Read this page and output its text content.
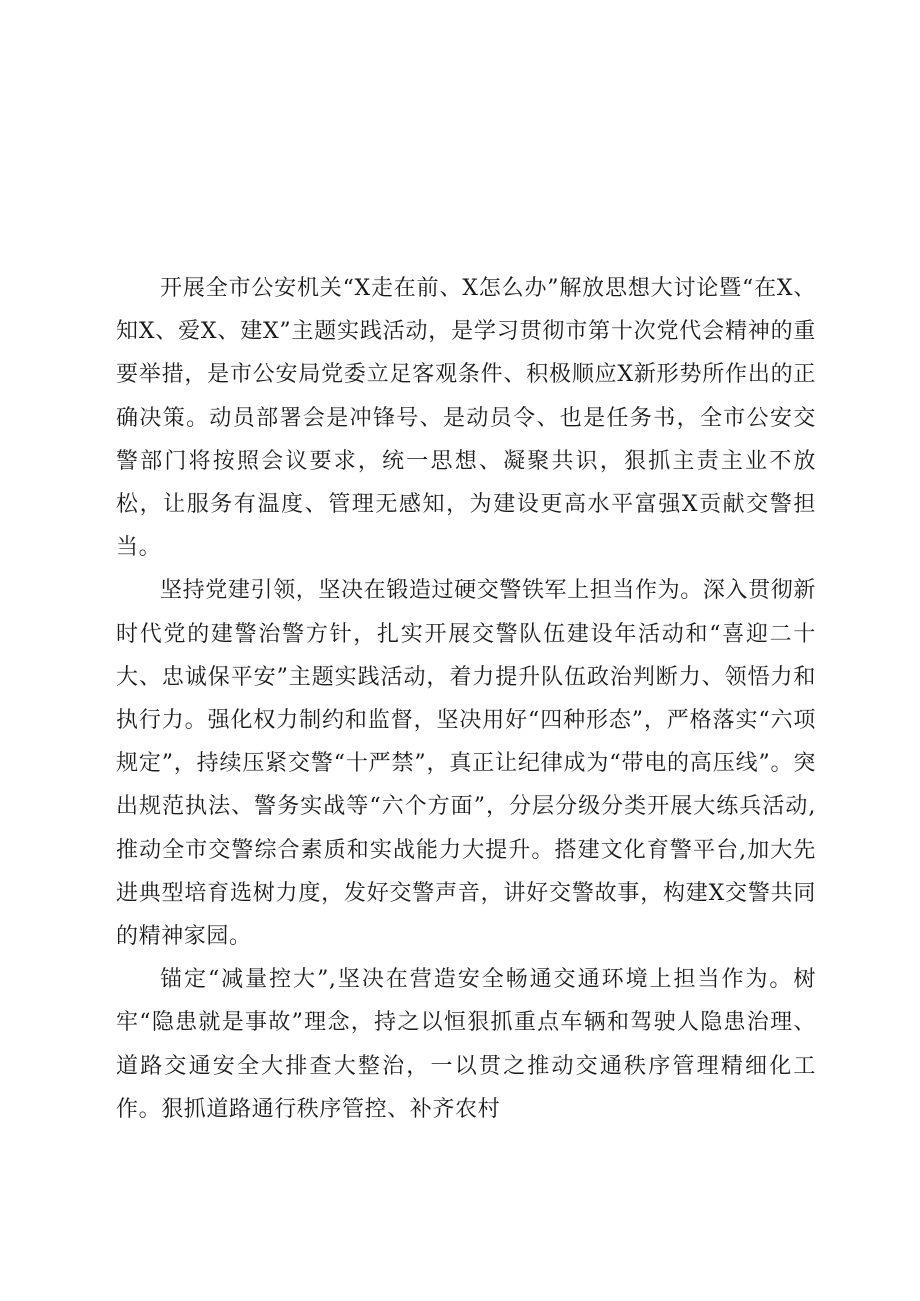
开展全市公安机关“X走在前、X怎么办”解放思想大讨论暨“在X、知X、爱X、建X”主题实践活动，是学习贯彻市第十次党代会精神的重要举措，是市公安局党委立足客观条件、积极顺应X新形势所作出的正确决策。动员部署会是冲锋号、是动员令、也是任务书，全市公安交警部门将按照会议要求，统一思想、凝聚共识，狠抓主责主业不放松，让服务有温度、管理无感知，为建设更高水平富强X贡献交警担当。

坚持党建引领，坚决在锻造过硬交警铁军上担当作为。深入贯彻新时代党的建警治警方针，扎实开展交警队伍建设年活动和“喜迎二十大、忠诚保平安”主题实践活动，着力提升队伍政治判断力、领悟力和执行力。强化权力制约和监督，坚决用好“四种形态”，严格落实“六项规定”，持续压紧交警“十严禁”，真正让纪律成为“带电的高压线”。突出规范执法、警务实战等“六个方面”，分层分级分类开展大练兵活动,推动全市交警综合素质和实战能力大提升。搭建文化育警平台,加大先进典型培育选树力度，发好交警声音，讲好交警故事，构建X交警共同的精神家园。

锚定“减量控大”,坚决在营造安全畅通交通环境上担当作为。树牢“隐患就是事故”理念，持之以恒狠抓重点车辆和驾驶人隐患治理、道路交通安全大排查大整治，一以贯之推动交通秩序管理精细化工作。狠抓道路通行秩序管控、补齐农村
